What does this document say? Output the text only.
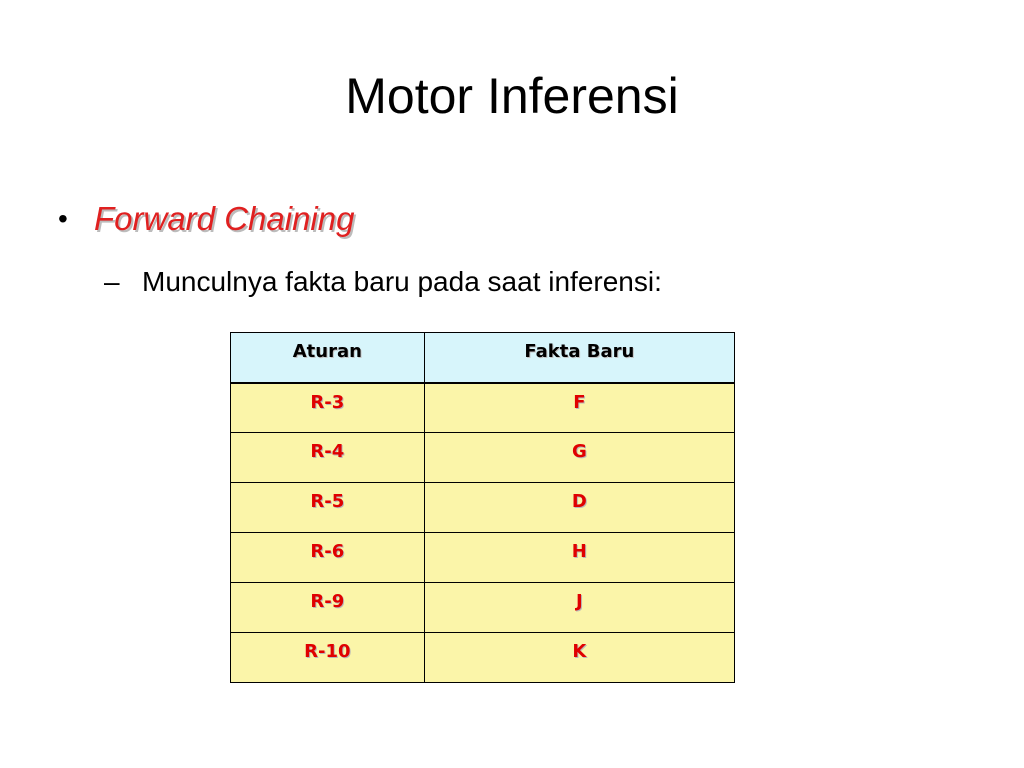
Motor Inferensi
• Forward Chaining
– Munculnya fakta baru pada saat inferensi:
Aturan	Fakta Baru
R-3	F
R-4	G
R-5	D
R-6	H
R-9	J
R-10	K
